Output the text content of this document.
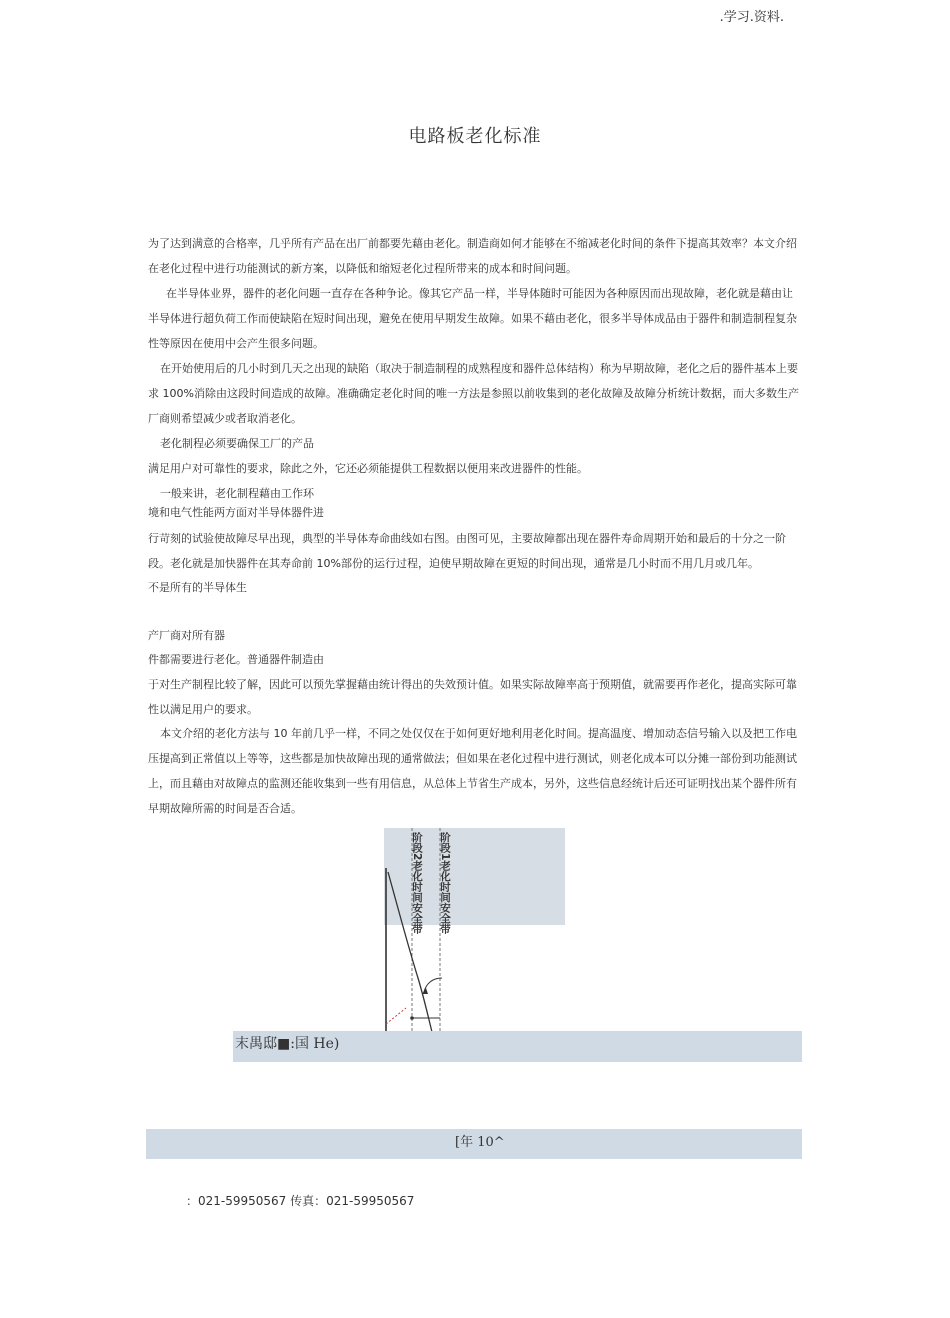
.学习.资料.
电路板老化标准

为了达到满意的合格率，几乎所有产品在出厂前都要先藉由老化。制造商如何才能够在不缩减老化时间的条件下提高其效率？本文介绍在老化过程中进行功能测试的新方案，以降低和缩短老化过程所带来的成本和时间问题。

在半导体业界，器件的老化问题一直存在各种争论。像其它产品一样，半导体随时可能因为各种原因而出现故障，老化就是藉由让半导体进行超负荷工作而使缺陷在短时间出现，避免在使用早期发生故障。如果不藉由老化，很多半导体成品由于器件和制造制程复杂性等原因在使用中会产生很多问题。

在开始使用后的几小时到几天之出现的缺陷（取决于制造制程的成熟程度和器件总体结构）称为早期故障，老化之后的器件基本上要求 100%消除由这段时间造成的故障。准确确定老化时间的唯一方法是参照以前收集到的老化故障及故障分析统计数据，而大多数生产厂商则希望减少或者取消老化。

老化制程必须要确保工厂的产品

满足用户对可靠性的要求，除此之外，它还必须能提供工程数据以便用来改进器件的性能。

一般来讲，老化制程藉由工作环

境和电气性能两方面对半导体器件进

行苛刻的试验使故障尽早出现，典型的半导体寿命曲线如右图。由图可见，主要故障都出现在器件寿命周期开始和最后的十分之一阶段。老化就是加快器件在其寿命前 10%部份的运行过程，迫使早期故障在更短的时间出现，通常是几小时而不用几月或几年。

不是所有的半导体生

产厂商对所有器

件都需要进行老化。普通器件制造由

于对生产制程比较了解，因此可以预先掌握藉由统计得出的失效预计值。如果实际故障率高于预期值，就需要再作老化，提高实际可靠性以满足用户的要求。

本文介绍的老化方法与 10 年前几乎一样，不同之处仅仅在于如何更好地利用老化时间。提高温度、增加动态信号输入以及把工作电压提高到正常值以上等等，这些都是加快故障出现的通常做法；但如果在老化过程中进行测试，则老化成本可以分摊一部份到功能测试上，而且藉由对故障点的监测还能收集到一些有用信息，从总体上节省生产成本，另外，这些信息经统计后还可证明找出某个器件所有早期故障所需的时间是否合适。

阶段2老化时间安全带	阶段1老化时间安全带
末禺邸■:国 He)
[年 10^
：021-59950567 传真：021-59950567
